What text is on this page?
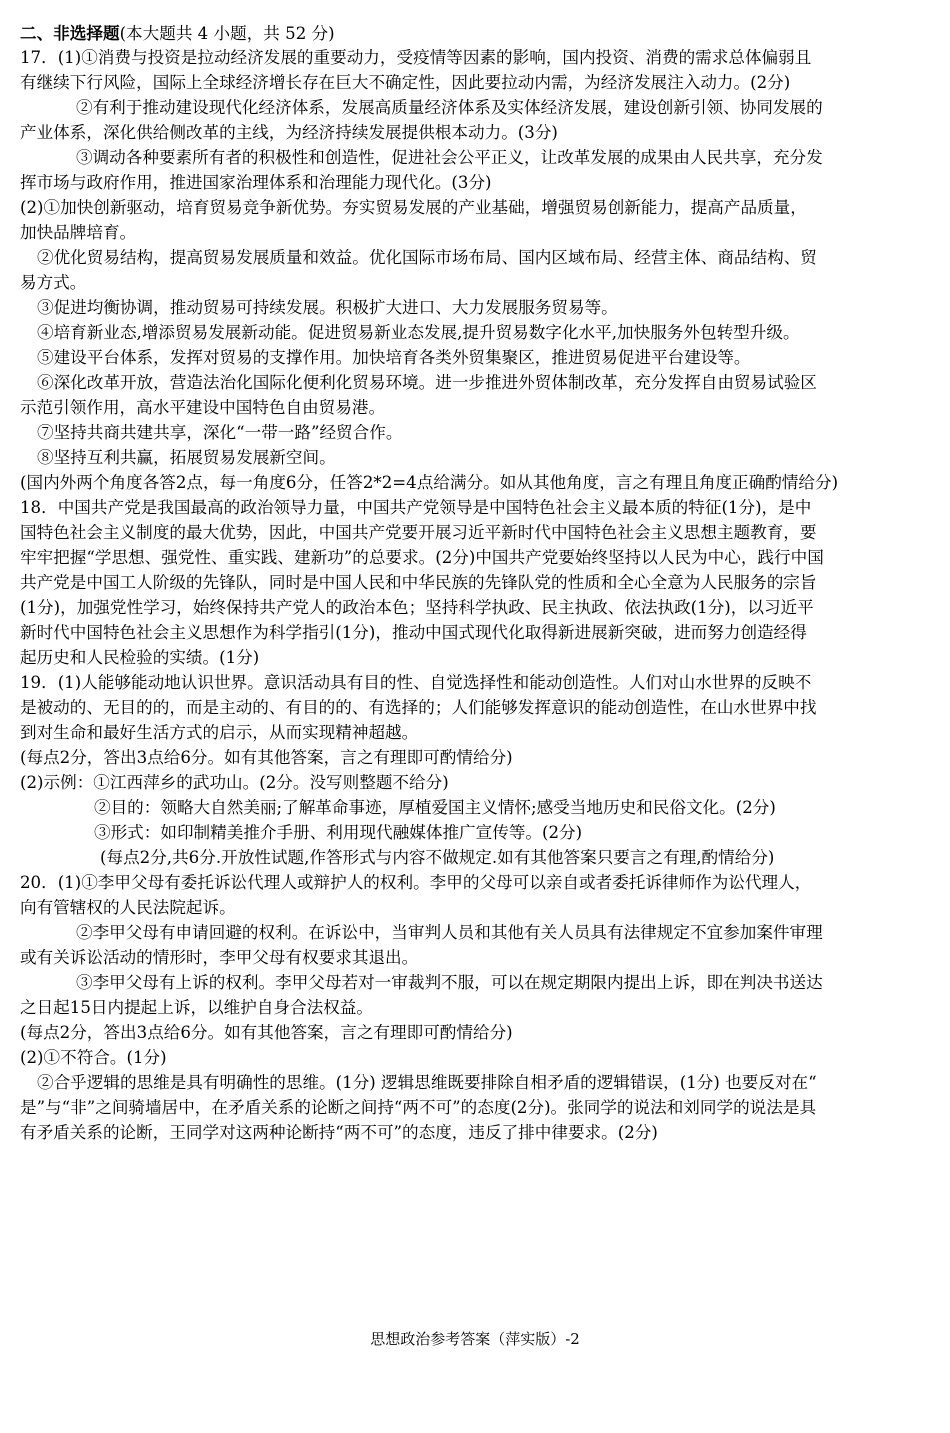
二、非选择题(本大题共 4 小题，共 52 分)
17．(1)①消费与投资是拉动经济发展的重要动力，受疫情等因素的影响，国内投资、消费的需求总体偏弱且
有继续下行风险，国际上全球经济增长存在巨大不确定性，因此要拉动内需，为经济发展注入动力。(2分)
②有利于推动建设现代化经济体系，发展高质量经济体系及实体经济发展，建设创新引领、协同发展的
产业体系，深化供给侧改革的主线，为经济持续发展提供根本动力。(3分)
③调动各种要素所有者的积极性和创造性，促进社会公平正义，让改革发展的成果由人民共享，充分发
挥市场与政府作用，推进国家治理体系和治理能力现代化。(3分)
(2)①加快创新驱动，培育贸易竞争新优势。夯实贸易发展的产业基础，增强贸易创新能力，提高产品质量，
加快品牌培育。
②优化贸易结构，提高贸易发展质量和效益。优化国际市场布局、国内区域布局、经营主体、商品结构、贸
易方式。
③促进均衡协调，推动贸易可持续发展。积极扩大进口、大力发展服务贸易等。
④培育新业态,增添贸易发展新动能。促进贸易新业态发展,提升贸易数字化水平,加快服务外包转型升级。
⑤建设平台体系，发挥对贸易的支撑作用。加快培育各类外贸集聚区，推进贸易促进平台建设等。
⑥深化改革开放，营造法治化国际化便利化贸易环境。进一步推进外贸体制改革，充分发挥自由贸易试验区
示范引领作用，高水平建设中国特色自由贸易港。
⑦坚持共商共建共享，深化“一带一路”经贸合作。
⑧坚持互利共赢，拓展贸易发展新空间。
(国内外两个角度各答2点，每一角度6分，任答2*2=4点给满分。如从其他角度，言之有理且角度正确酌情给分)
18．中国共产党是我国最高的政治领导力量，中国共产党领导是中国特色社会主义最本质的特征(1分)，是中
国特色社会主义制度的最大优势，因此，中国共产党要开展习近平新时代中国特色社会主义思想主题教育，要
牢牢把握“学思想、强党性、重实践、建新功”的总要求。(2分)中国共产党要始终坚持以人民为中心，践行中国
共产党是中国工人阶级的先锋队，同时是中国人民和中华民族的先锋队党的性质和全心全意为人民服务的宗旨
(1分)，加强党性学习，始终保持共产党人的政治本色；坚持科学执政、民主执政、依法执政(1分)，以习近平
新时代中国特色社会主义思想作为科学指引(1分)，推动中国式现代化取得新进展新突破，进而努力创造经得
起历史和人民检验的实绩。(1分)
19．(1)人能够能动地认识世界。意识活动具有目的性、自觉选择性和能动创造性。人们对山水世界的反映不
是被动的、无目的的，而是主动的、有目的的、有选择的；人们能够发挥意识的能动创造性，在山水世界中找
到对生命和最好生活方式的启示，从而实现精神超越。
(每点2分，答出3点给6分。如有其他答案，言之有理即可酌情给分)
(2)示例：①江西萍乡的武功山。(2分。没写则整题不给分)
②目的：领略大自然美丽;了解革命事迹，厚植爱国主义情怀;感受当地历史和民俗文化。(2分)
③形式：如印制精美推介手册、利用现代融媒体推广宣传等。(2分)
(每点2分,共6分.开放性试题,作答形式与内容不做规定.如有其他答案只要言之有理,酌情给分)
20．(1)①李甲父母有委托诉讼代理人或辩护人的权利。李甲的父母可以亲自或者委托诉律师作为讼代理人，
向有管辖权的人民法院起诉。
②李甲父母有申请回避的权利。在诉讼中，当审判人员和其他有关人员具有法律规定不宜参加案件审理
或有关诉讼活动的情形时，李甲父母有权要求其退出。
③李甲父母有上诉的权利。李甲父母若对一审裁判不服，可以在规定期限内提出上诉，即在判决书送达
之日起15日内提起上诉，以维护自身合法权益。
(每点2分，答出3点给6分。如有其他答案，言之有理即可酌情给分)
(2)①不符合。(1分)
②合乎逻辑的思维是具有明确性的思维。(1分) 逻辑思维既要排除自相矛盾的逻辑错误，(1分) 也要反对在“
是”与“非”之间骑墙居中，在矛盾关系的论断之间持“两不可”的态度(2分)。张同学的说法和刘同学的说法是具
有矛盾关系的论断，王同学对这两种论断持“两不可”的态度，违反了排中律要求。(2分)
思想政治参考答案（萍实版）-2
